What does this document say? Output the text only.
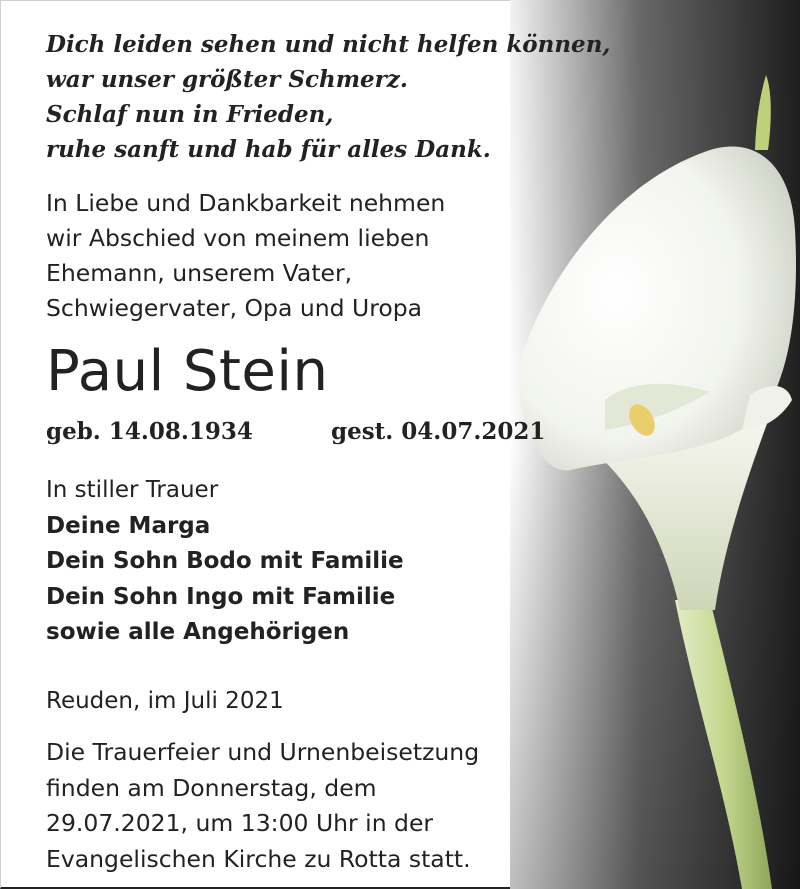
Dich leiden sehen und nicht helfen können,
war unser größter Schmerz.
Schlaf nun in Frieden,
ruhe sanft und hab für alles Dank.
In Liebe und Dankbarkeit nehmen
wir Abschied von meinem lieben
Ehemann, unserem Vater,
Schwiegervater, Opa und Uropa
Paul Stein
geb. 14.08.1934	gest. 04.07.2021
In stiller Trauer
Deine Marga
Dein Sohn Bodo mit Familie
Dein Sohn Ingo mit Familie
sowie alle Angehörigen
Reuden, im Juli 2021
Die Trauerfeier und Urnenbeisetzung
finden am Donnerstag, dem
29.07.2021, um 13:00 Uhr in der
Evangelischen Kirche zu Rotta statt.
